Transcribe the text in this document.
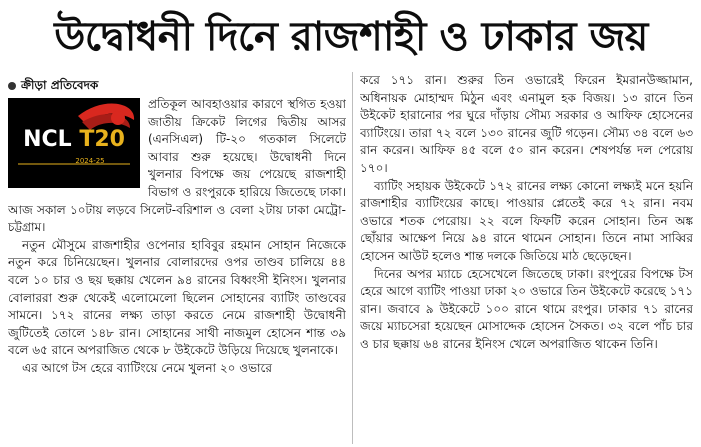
উদ্বোধনী দিনে রাজশাহী ও ঢাকার জয়
ক্রীড়া প্রতিবেদক
NCL T20
2024-25

প্রতিকূল আবহাওয়ার কারণে স্থগিত হওয়া জাতীয় ক্রিকেট লিগের দ্বিতীয় আসর (এনসিএল) টি-২০ গতকাল সিলেটে আবার শুরু হয়েছে। উদ্বোধনী দিনে খুলনার বিপক্ষে জয় পেয়েছে রাজশাহী বিভাগ ও রংপুরকে হারিয়ে জিতেছে ঢাকা। আজ সকাল ১০টায় লড়বে সিলেট-বরিশাল ও বেলা ২টায় ঢাকা মেট্রো-চট্টগ্রাম।

নতুন মৌসুমে রাজশাহীর ওপেনার হাবিবুর রহমান সোহান নিজেকে নতুন করে চিনিয়েছেন। খুলনার বোলারদের ওপর তাণ্ডব চালিয়ে ৪৪ বলে ১০ চার ও ছয় ছক্কায় খেলেন ৯৪ রানের বিধ্বংসী ইনিংস। খুলনার বোলাররা শুরু থেকেই এলোমেলো ছিলেন সোহানের ব্যাটিং তাণ্ডবের সামনে। ১৭২ রানের লক্ষ্য তাড়া করতে নেমে রাজশাহী উদ্বোধনী জুটিতেই তোলে ১৪৮ রান। সোহানের সাথী নাজমুল হোসেন শান্ত ৩৯ বলে ৬৫ রানে অপরাজিত থেকে ৮ উইকেটে উড়িয়ে দিয়েছে খুলনাকে।

এর আগে টস হেরে ব্যাটিংয়ে নেমে খুলনা ২০ ওভারে

করে ১৭১ রান। শুরুর তিন ওভারেই ফিরেন ইমরানউজ্জামান, অধিনায়ক মোহাম্মদ মিঠুন এবং এনামুল হক বিজয়। ১৩ রানে তিন উইকেট হারানোর পর ঘুরে দাঁড়ায় সৌম্য সরকার ও আফিফ হোসেনের ব্যাটিংয়ে। তারা ৭২ বলে ১৩০ রানের জুটি গড়েন। সৌম্য ৩৪ বলে ৬৩ রান করেন। আফিফ ৪৫ বলে ৫০ রান করেন। শেষপর্যন্ত দল পেরোয় ১৭০।

ব্যাটিং সহায়ক উইকেটে ১৭২ রানের লক্ষ্য কোনো লক্ষ্যই মনে হয়নি রাজশাহীর ব্যাটিংয়ের কাছে। পাওয়ার প্লেতেই করে ৭২ রান। নবম ওভারে শতক পেরোয়। ২২ বলে ফিফটি করেন সোহান। তিন অঙ্ক ছোঁয়ার আক্ষেপ নিয়ে ৯৪ রানে থামেন সোহান। তিনে নামা সাব্বির হোসেন আউট হলেও শান্ত দলকে জিতিয়ে মাঠ ছেড়েছেন।

দিনের অপর ম্যাচে হেসেখেলে জিতেছে ঢাকা। রংপুরের বিপক্ষে টস হেরে আগে ব্যাটিং পাওয়া ঢাকা ২০ ওভারে তিন উইকেটে করেছে ১৭১ রান। জবাবে ৯ উইকেটে ১০০ রানে থামে রংপুর। ঢাকার ৭১ রানের জয়ে ম্যাচসেরা হয়েছেন মোসাদ্দেক হোসেন সৈকত। ৩২ বলে পাঁচ চার ও চার ছক্কায় ৬৪ রানের ইনিংস খেলে অপরাজিত থাকেন তিনি।
